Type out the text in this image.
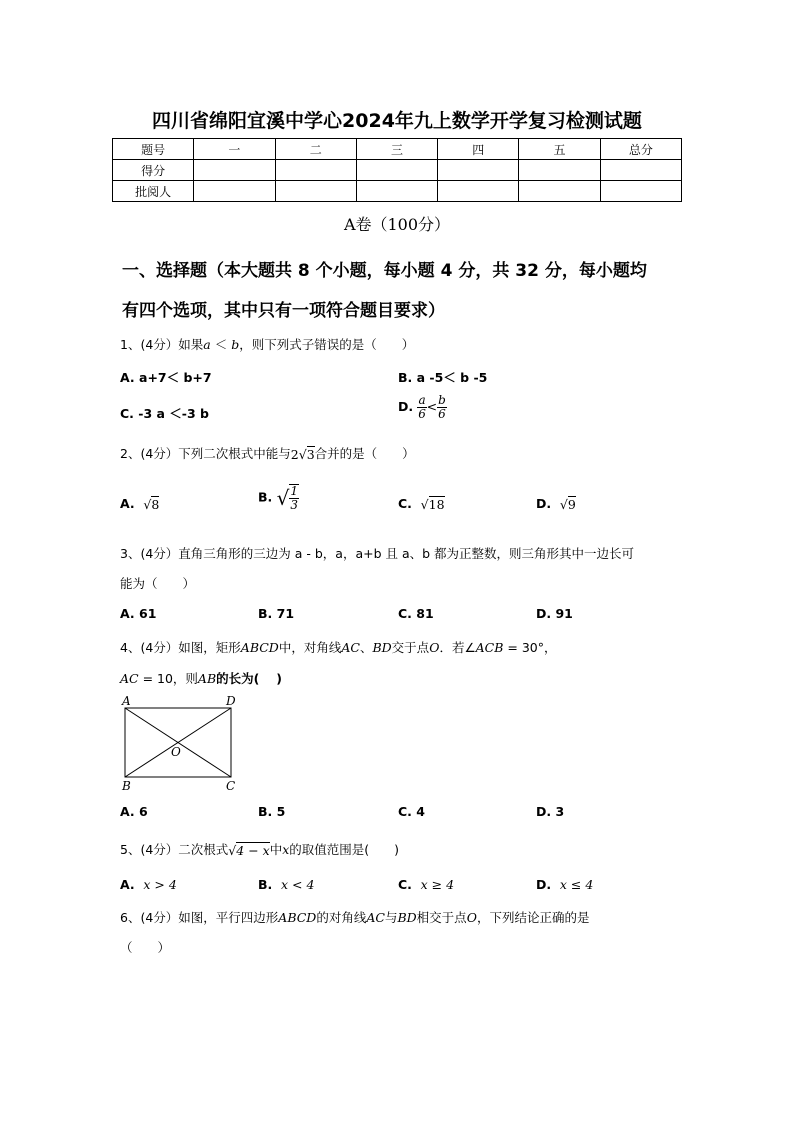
四川省绵阳宜溪中学心2024年九上数学开学复习检测试题
题号	一	二	三	四	五	总分
得分						
批阅人						
A卷（100分）
一、选择题（本大题共 8 个小题，每小题 4 分，共 32 分，每小题均
有四个选项，其中只有一项符合题目要求）
1、(4分）如果a ＜ b，则下列式子错误的是（　　）
A. a+7＜ b+7	B. a -5＜ b -5
C. -3 a ＜-3 b	D. $\frac{a}{6} < \frac{b}{6}$
2、(4分）下列二次根式中能与2√3合并的是（　　）
A. √8	B. √ $\frac{1}{3}$	C. √18	D. √9
3、(4分）直角三角形的三边为 a - b，a，a+b 且 a、b 都为正整数，则三角形其中一边长可
能为（　　）
A. 61	B. 71	C. 81	D. 91
4、(4分）如图，矩形ABCD中，对角线AC、BD交于点O．若∠ACB = 30°，
AC = 10，则AB的长为(　 )
A	D
O
B	C
A. 6	B. 5	C. 4	D. 3
5、(4分）二次根式√4 − x中x的取值范围是(　　)
A. x > 4	B. x < 4	C. x ≥ 4	D. x ≤ 4
6、(4分）如图，平行四边形ABCD的对角线AC与BD相交于点O，下列结论正确的是
（　　）
